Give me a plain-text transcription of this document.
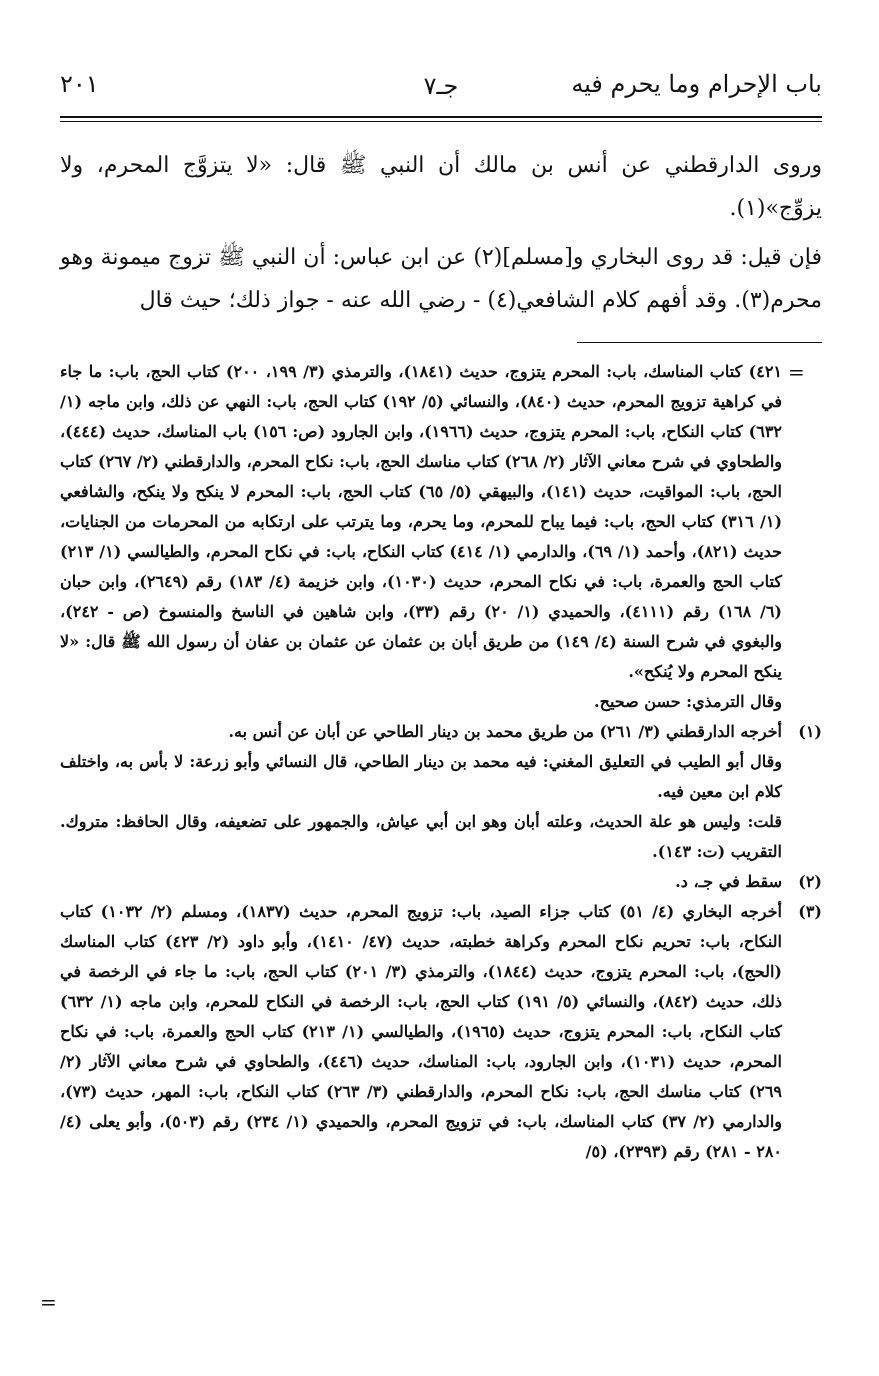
باب الإحرام وما يحرم فيه
جـ٧
٢٠١

وروى الدارقطني عن أنس بن مالك أن النبي ﷺ قال: «لا يتزوَّج المحرم، ولا يزوِّج»(١).

فإن قيل: قد روى البخاري و[مسلم](٢) عن ابن عباس: أن النبي ﷺ تزوج ميمونة وهو محرم(٣). وقد أفهم كلام الشافعي(٤) - رضي الله عنه - جواز ذلك؛ حيث قال

٤٢١) كتاب المناسك، باب: المحرم يتزوج، حديث (١٨٤١)، والترمذي (٣/ ١٩٩، ٢٠٠) كتاب الحج، باب: ما جاء في كراهية تزويج المحرم، حديث (٨٤٠)، والنسائي (٥/ ١٩٢) كتاب الحج، باب: النهي عن ذلك، وابن ماجه (١/ ٦٣٢) كتاب النكاح، باب: المحرم يتزوج، حديث (١٩٦٦)، وابن الجارود (ص: ١٥٦) باب المناسك، حديث (٤٤٤)، والطحاوي في شرح معاني الآثار (٢/ ٢٦٨) كتاب مناسك الحج، باب: نكاح المحرم، والدارقطني (٢/ ٢٦٧) كتاب الحج، باب: المواقيت، حديث (١٤١)، والبيهقي (٥/ ٦٥) كتاب الحج، باب: المحرم لا ينكح ولا ينكح، والشافعي (١/ ٣١٦) كتاب الحج، باب: فيما يباح للمحرم، وما يحرم، وما يترتب على ارتكابه من المحرمات من الجنايات، حديث (٨٢١)، وأحمد (١/ ٦٩)، والدارمي (١/ ٤١٤) كتاب النكاح، باب: في نكاح المحرم، والطيالسي (١/ ٢١٣) كتاب الحج والعمرة، باب: في نكاح المحرم، حديث (١٠٣٠)، وابن خزيمة (٤/ ١٨٣) رقم (٢٦٤٩)، وابن حبان (٦/ ١٦٨) رقم (٤١١١)، والحميدي (١/ ٢٠) رقم (٣٣)، وابن شاهين في الناسخ والمنسوخ (ص - ٢٤٢)، والبغوي في شرح السنة (٤/ ١٤٩) من طريق أبان بن عثمان عن عثمان بن عفان أن رسول الله ﷺ قال: «لا ينكح المحرم ولا يُنكح».
وقال الترمذي: حسن صحيح.
(١)
أخرجه الدارقطني (٣/ ٢٦١) من طريق محمد بن دينار الطاحي عن أبان عن أنس به.
وقال أبو الطيب في التعليق المغني: فيه محمد بن دينار الطاحي، قال النسائي وأبو زرعة: لا بأس به، واختلف كلام ابن معين فيه.
قلت: وليس هو علة الحديث، وعلته أبان وهو ابن أبي عياش، والجمهور على تضعيفه، وقال الحافظ: متروك. التقريب (ت: ١٤٣).
(٢)
سقط في جـ، د.
(٣)
أخرجه البخاري (٤/ ٥١) كتاب جزاء الصيد، باب: تزويج المحرم، حديث (١٨٣٧)، ومسلم (٢/ ١٠٣٢) كتاب النكاح، باب: تحريم نكاح المحرم وكراهة خطبته، حديث (٤٧/ ١٤١٠)، وأبو داود (٢/ ٤٢٣) كتاب المناسك (الحج)، باب: المحرم يتزوج، حديث (١٨٤٤)، والترمذي (٣/ ٢٠١) كتاب الحج، باب: ما جاء في الرخصة في ذلك، حديث (٨٤٢)، والنسائي (٥/ ١٩١) كتاب الحج، باب: الرخصة في النكاح للمحرم، وابن ماجه (١/ ٦٣٢) كتاب النكاح، باب: المحرم يتزوج، حديث (١٩٦٥)، والطيالسي (١/ ٢١٣) كتاب الحج والعمرة، باب: في نكاح المحرم، حديث (١٠٣١)، وابن الجارود، باب: المناسك، حديث (٤٤٦)، والطحاوي في شرح معاني الآثار (٢/ ٢٦٩) كتاب مناسك الحج، باب: نكاح المحرم، والدارقطني (٣/ ٢٦٣) كتاب النكاح، باب: المهر، حديث (٧٣)، والدارمي (٢/ ٣٧) كتاب المناسك، باب: في تزويج المحرم، والحميدي (١/ ٢٣٤) رقم (٥٠٣)، وأبو يعلى (٤/ ٢٨٠ - ٢٨١) رقم (٢٣٩٣)، (٥/
=
=
